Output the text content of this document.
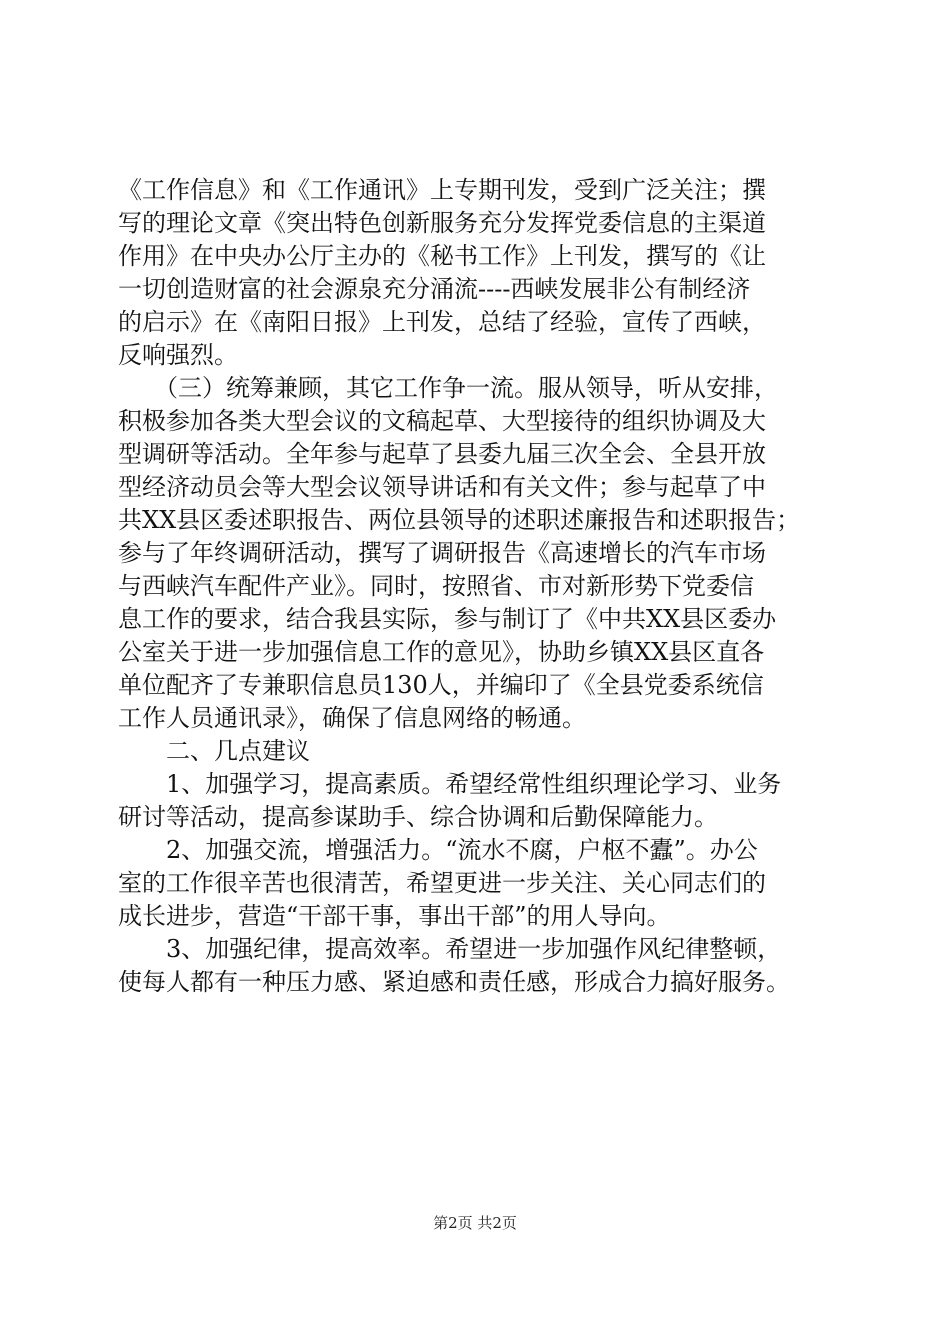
《工作信息》和《工作通讯》上专期刊发，受到广泛关注；撰
写的理论文章《突出特色创新服务充分发挥党委信息的主渠道
作用》在中央办公厅主办的《秘书工作》上刊发，撰写的《让
一切创造财富的社会源泉充分涌流----西峡发展非公有制经济
的启示》在《南阳日报》上刊发，总结了经验，宣传了西峡，
反响强烈。
　　（三）统筹兼顾，其它工作争一流。服从领导，听从安排，
积极参加各类大型会议的文稿起草、大型接待的组织协调及大
型调研等活动。全年参与起草了县委九届三次全会、全县开放
型经济动员会等大型会议领导讲话和有关文件；参与起草了中
共XX县区委述职报告、两位县领导的述职述廉报告和述职报告；
参与了年终调研活动，撰写了调研报告《高速增长的汽车市场
与西峡汽车配件产业》。同时，按照省、市对新形势下党委信
息工作的要求，结合我县实际，参与制订了《中共XX县区委办
公室关于进一步加强信息工作的意见》，协助乡镇XX县区直各
单位配齐了专兼职信息员130人，并编印了《全县党委系统信
工作人员通讯录》，确保了信息网络的畅通。
　　二、几点建议
　　1、加强学习，提高素质。希望经常性组织理论学习、业务
研讨等活动，提高参谋助手、综合协调和后勤保障能力。
　　2、加强交流，增强活力。“流水不腐，户枢不蠹”。办公
室的工作很辛苦也很清苦，希望更进一步关注、关心同志们的
成长进步，营造“干部干事，事出干部”的用人导向。
　　3、加强纪律，提高效率。希望进一步加强作风纪律整顿，
使每人都有一种压力感、紧迫感和责任感，形成合力搞好服务。
第2页 共2页
